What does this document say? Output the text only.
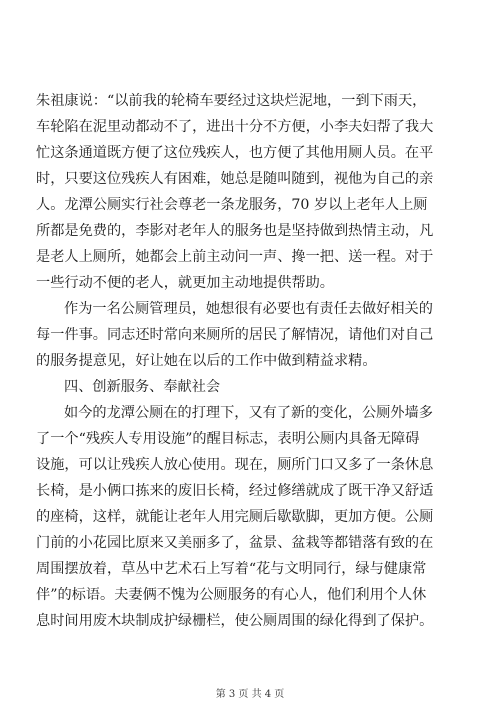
朱祖康说：“以前我的轮椅车要经过这块烂泥地，一到下雨天，
车轮陷在泥里动都动不了，进出十分不方便，小李夫妇帮了我大
忙这条通道既方便了这位残疾人，也方便了其他用厕人员。在平
时，只要这位残疾人有困难，她总是随叫随到，视他为自己的亲
人。龙潭公厕实行社会尊老一条龙服务，70 岁以上老年人上厕
所都是免费的，李影对老年人的服务也是坚持做到热情主动，凡
是老人上厕所，她都会上前主动问一声、搀一把、送一程。对于
一些行动不便的老人，就更加主动地提供帮助。
作为一名公厕管理员，她想很有必要也有责任去做好相关的
每一件事。同志还时常向来厕所的居民了解情况，请他们对自己
的服务提意见，好让她在以后的工作中做到精益求精。
四、创新服务、奉献社会
如今的龙潭公厕在的打理下，又有了新的变化，公厕外墙多
了一个“残疾人专用设施”的醒目标志，表明公厕内具备无障碍
设施，可以让残疾人放心使用。现在，厕所门口又多了一条休息
长椅，是小俩口拣来的废旧长椅，经过修缮就成了既干净又舒适
的座椅，这样，就能让老年人用完厕后歇歇脚，更加方便。公厕
门前的小花园比原来又美丽多了，盆景、盆栽等都错落有致的在
周围摆放着，草丛中艺术石上写着“花与文明同行，绿与健康常
伴”的标语。夫妻俩不愧为公厕服务的有心人，他们利用个人休
息时间用废木块制成护绿栅栏，使公厕周围的绿化得到了保护。
第 3 页 共 4 页
